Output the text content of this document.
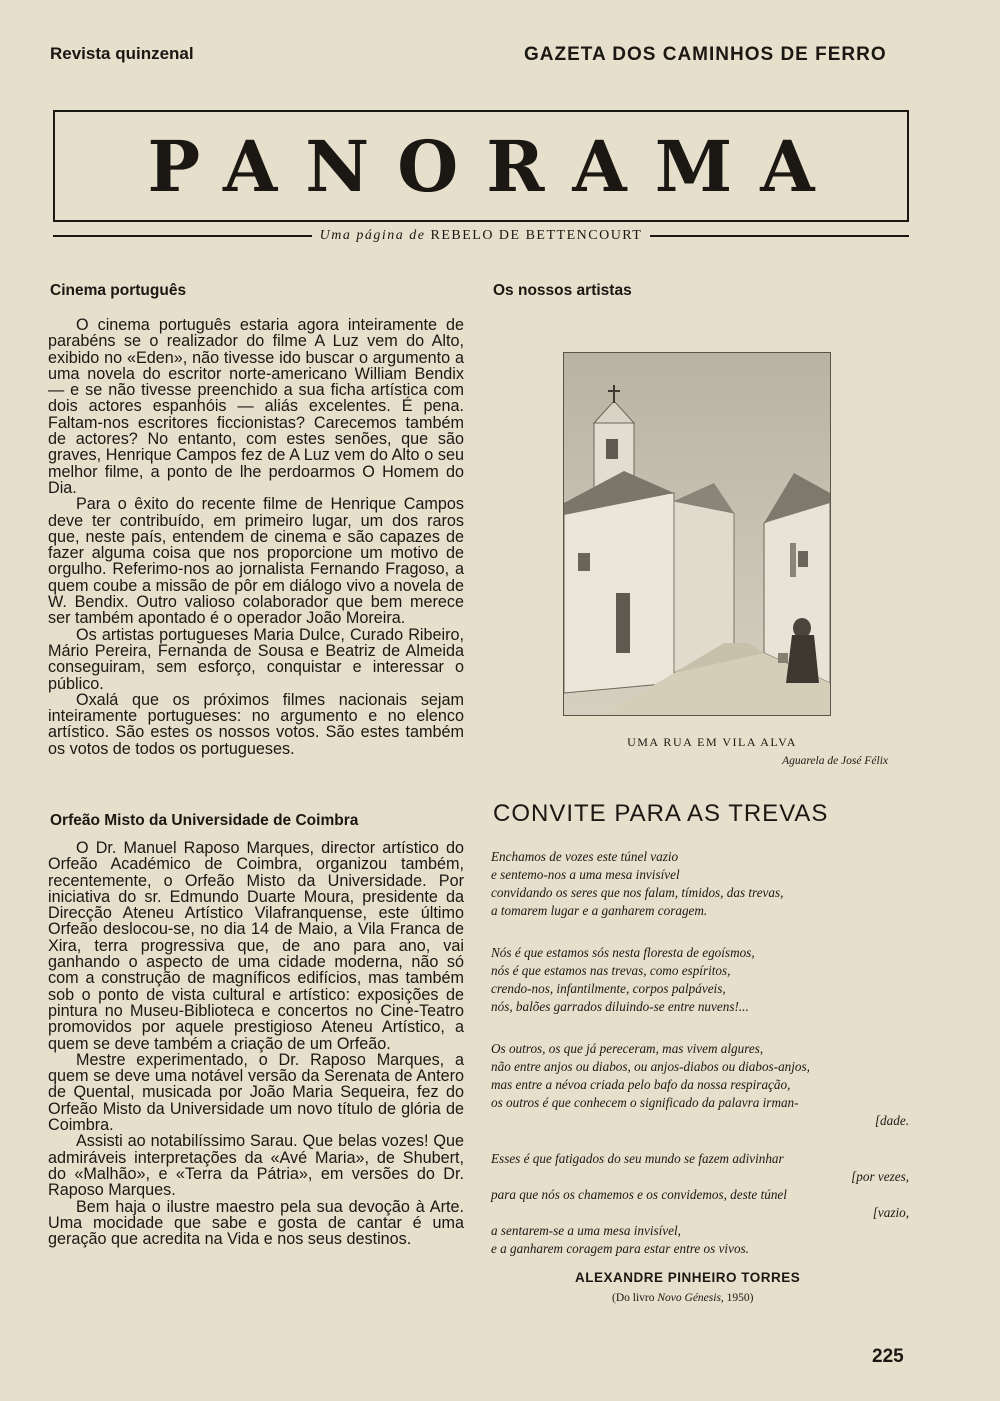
Revista quinzenal	GAZETA DOS CAMINHOS DE FERRO
PANORAMA
Uma página de REBELO DE BETTENCOURT
Cinema português

O cinema português estaria agora inteiramente de parabéns se o realizador do filme A Luz vem do Alto, exibido no «Eden», não tivesse ido buscar o argumento a uma novela do escritor norte-americano William Bendix — e se não tivesse preenchido a sua ficha artística com dois actores espanhóis — aliás excelentes. É pena. Faltam-nos escritores ficcionistas? Carecemos também de actores? No entanto, com estes senões, que são graves, Henrique Campos fez de A Luz vem do Alto o seu melhor filme, a ponto de lhe perdoarmos O Homem do Dia.

Para o êxito do recente filme de Henrique Campos deve ter contribuído, em primeiro lugar, um dos raros que, neste país, entendem de cinema e são capazes de fazer alguma coisa que nos proporcione um motivo de orgulho. Referimo-nos ao jornalista Fernando Fragoso, a quem coube a missão de pôr em diálogo vivo a novela de W. Bendix. Outro valioso colaborador que bem merece ser também apontado é o operador João Moreira.

Os artistas portugueses Maria Dulce, Curado Ribeiro, Mário Pereira, Fernanda de Sousa e Beatriz de Almeida conseguiram, sem esforço, conquistar e interessar o público.

Oxalá que os próximos filmes nacionais sejam inteiramente portugueses: no argumento e no elenco artístico. São estes os nossos votos. São estes também os votos de todos os portugueses.

Orfeão Misto da Universidade de Coimbra

O Dr. Manuel Raposo Marques, director artístico do Orfeão Académico de Coimbra, organizou também, recentemente, o Orfeão Misto da Universidade. Por iniciativa do sr. Edmundo Duarte Moura, presidente da Direcção Ateneu Artístico Vilafranquense, este último Orfeão deslocou-se, no dia 14 de Maio, a Vila Franca de Xira, terra progressiva que, de ano para ano, vai ganhando o aspecto de uma cidade moderna, não só com a construção de magníficos edifícios, mas também sob o ponto de vista cultural e artístico: exposições de pintura no Museu-Biblioteca e concertos no Cine-Teatro promovidos por aquele prestigioso Ateneu Artístico, a quem se deve também a criação de um Orfeão.

Mestre experimentado, o Dr. Raposo Marques, a quem se deve uma notável versão da Serenata de Antero de Quental, musicada por João Maria Sequeira, fez do Orfeão Misto da Universidade um novo título de glória de Coimbra.

Assisti ao notabilíssimo Sarau. Que belas vozes! Que admiráveis interpretações da «Avé Maria», de Shubert, do «Malhão», e «Terra da Pátria», em versões do Dr. Raposo Marques.

Bem haja o ilustre maestro pela sua devoção à Arte. Uma mocidade que sabe e gosta de cantar é uma geração que acredita na Vida e nos seus destinos.

Os nossos artistas
UMA RUA EM VILA ALVA
Aguarela de José Félix
CONVITE PARA AS TREVAS
Enchamos de vozes este túnel vazio
e sentemo-nos a uma mesa invisível
convidando os seres que nos falam, tímidos, das trevas,
a tomarem lugar e a ganharem coragem.
Nós é que estamos sós nesta floresta de egoísmos,
nós é que estamos nas trevas, como espíritos,
crendo-nos, infantilmente, corpos palpáveis,
nós, balões garrados diluindo-se entre nuvens!...
Os outros, os que já pereceram, mas vivem algures,
não entre anjos ou diabos, ou anjos-diabos ou diabos-anjos,
mas entre a névoa criada pelo bafo da nossa respiração,
os outros é que conhecem o significado da palavra irman-
[dade.
Esses é que fatigados do seu mundo se fazem adivinhar
[por vezes,
para que nós os chamemos e os convidemos, deste túnel
[vazio,
a sentarem-se a uma mesa invisível,
e a ganharem coragem para estar entre os vivos.
ALEXANDRE PINHEIRO TORRES
(Do livro Novo Génesis, 1950)
225
